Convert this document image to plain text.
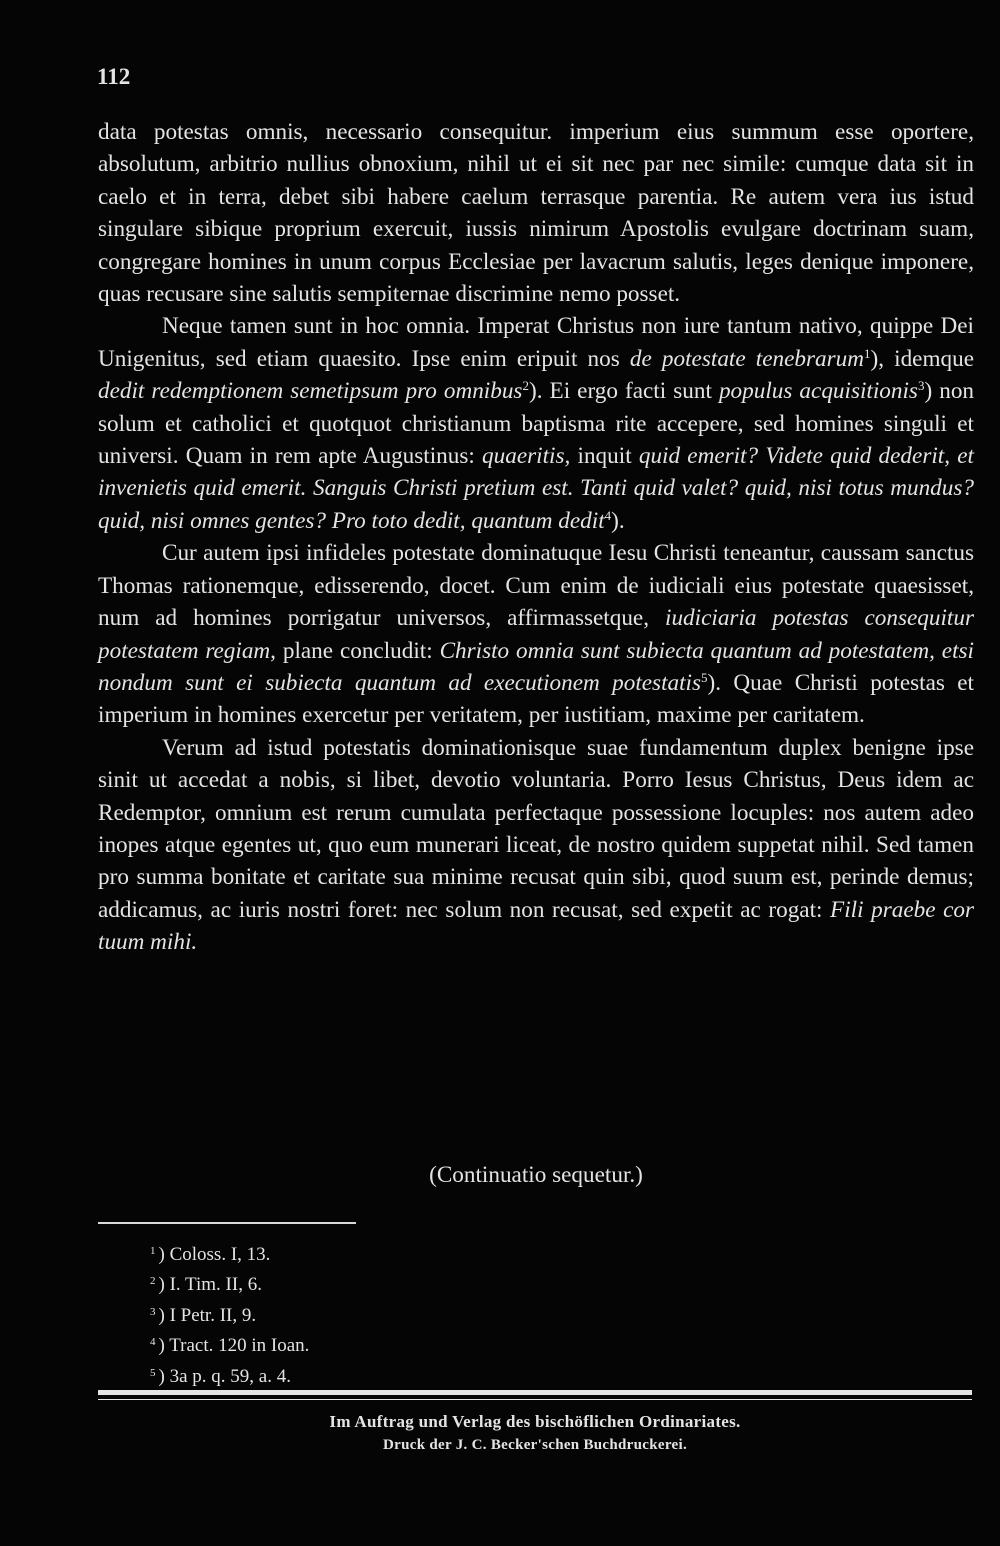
112

data potestas omnis, necessario consequitur. imperium eius summum esse oportere, absolutum, arbitrio nullius obnoxium, nihil ut ei sit nec par nec simile: cumque data sit in caelo et in terra, debet sibi habere caelum terrasque parentia. Re autem vera ius istud singulare sibique proprium exercuit, iussis nimirum Apostolis evulgare doctrinam suam, congregare homines in unum corpus Ecclesiae per lavacrum salutis, leges denique imponere, quas recusare sine salutis sempiternae discrimine nemo posset.

Neque tamen sunt in hoc omnia. Imperat Christus non iure tantum nativo, quippe Dei Unigenitus, sed etiam quaesito. Ipse enim eripuit nos de potestate tenebrarum$^1$), idemque dedit redemptionem semetipsum pro omnibus$^2$). Ei ergo facti sunt populus acquisitionis$^3$) non solum et catholici et quotquot christianum baptisma rite accepere, sed homines singuli et universi. Quam in rem apte Augustinus: quaeritis, inquit quid emerit? Videte quid dederit, et invenietis quid emerit. Sanguis Christi pretium est. Tanti quid valet? quid, nisi totus mundus? quid, nisi omnes gentes? Pro toto dedit, quantum dedit$^4$).

Cur autem ipsi infideles potestate dominatuque Iesu Christi teneantur, caussam sanctus Thomas rationemque, edisserendo, docet. Cum enim de iudiciali eius potestate quaesisset, num ad homines porrigatur universos, affirmassetque, iudiciaria potestas consequitur potestatem regiam, plane concludit: Christo omnia sunt subiecta quantum ad potestatem, etsi nondum sunt ei subiecta quantum ad executionem potestatis$^5$). Quae Christi potestas et imperium in homines exercetur per veritatem, per iustitiam, maxime per caritatem.

Verum ad istud potestatis dominationisque suae fundamentum duplex benigne ipse sinit ut accedat a nobis, si libet, devotio voluntaria. Porro Iesus Christus, Deus idem ac Redemptor, omnium est rerum cumulata perfectaque possessione locuples: nos autem adeo inopes atque egentes ut, quo eum munerari liceat, de nostro quidem suppetat nihil. Sed tamen pro summa bonitate et caritate sua minime recusat quin sibi, quod suum est, perinde demus; addicamus, ac iuris nostri foret: nec solum non recusat, sed expetit ac rogat: Fili praebe cor tuum mihi.

(Continuatio sequetur.)
$^1$ ) Coloss. I, 13.
$^2$ ) I. Tim. II, 6.
$^3$ ) I Petr. II, 9.
$^4$ ) Tract. 120 in Ioan.
$^5$ ) 3a p. q. 59, a. 4.
Im Auftrag und Verlag des bischöflichen Ordinariates.
Druck der J. C. Becker'schen Buchdruckerei.
